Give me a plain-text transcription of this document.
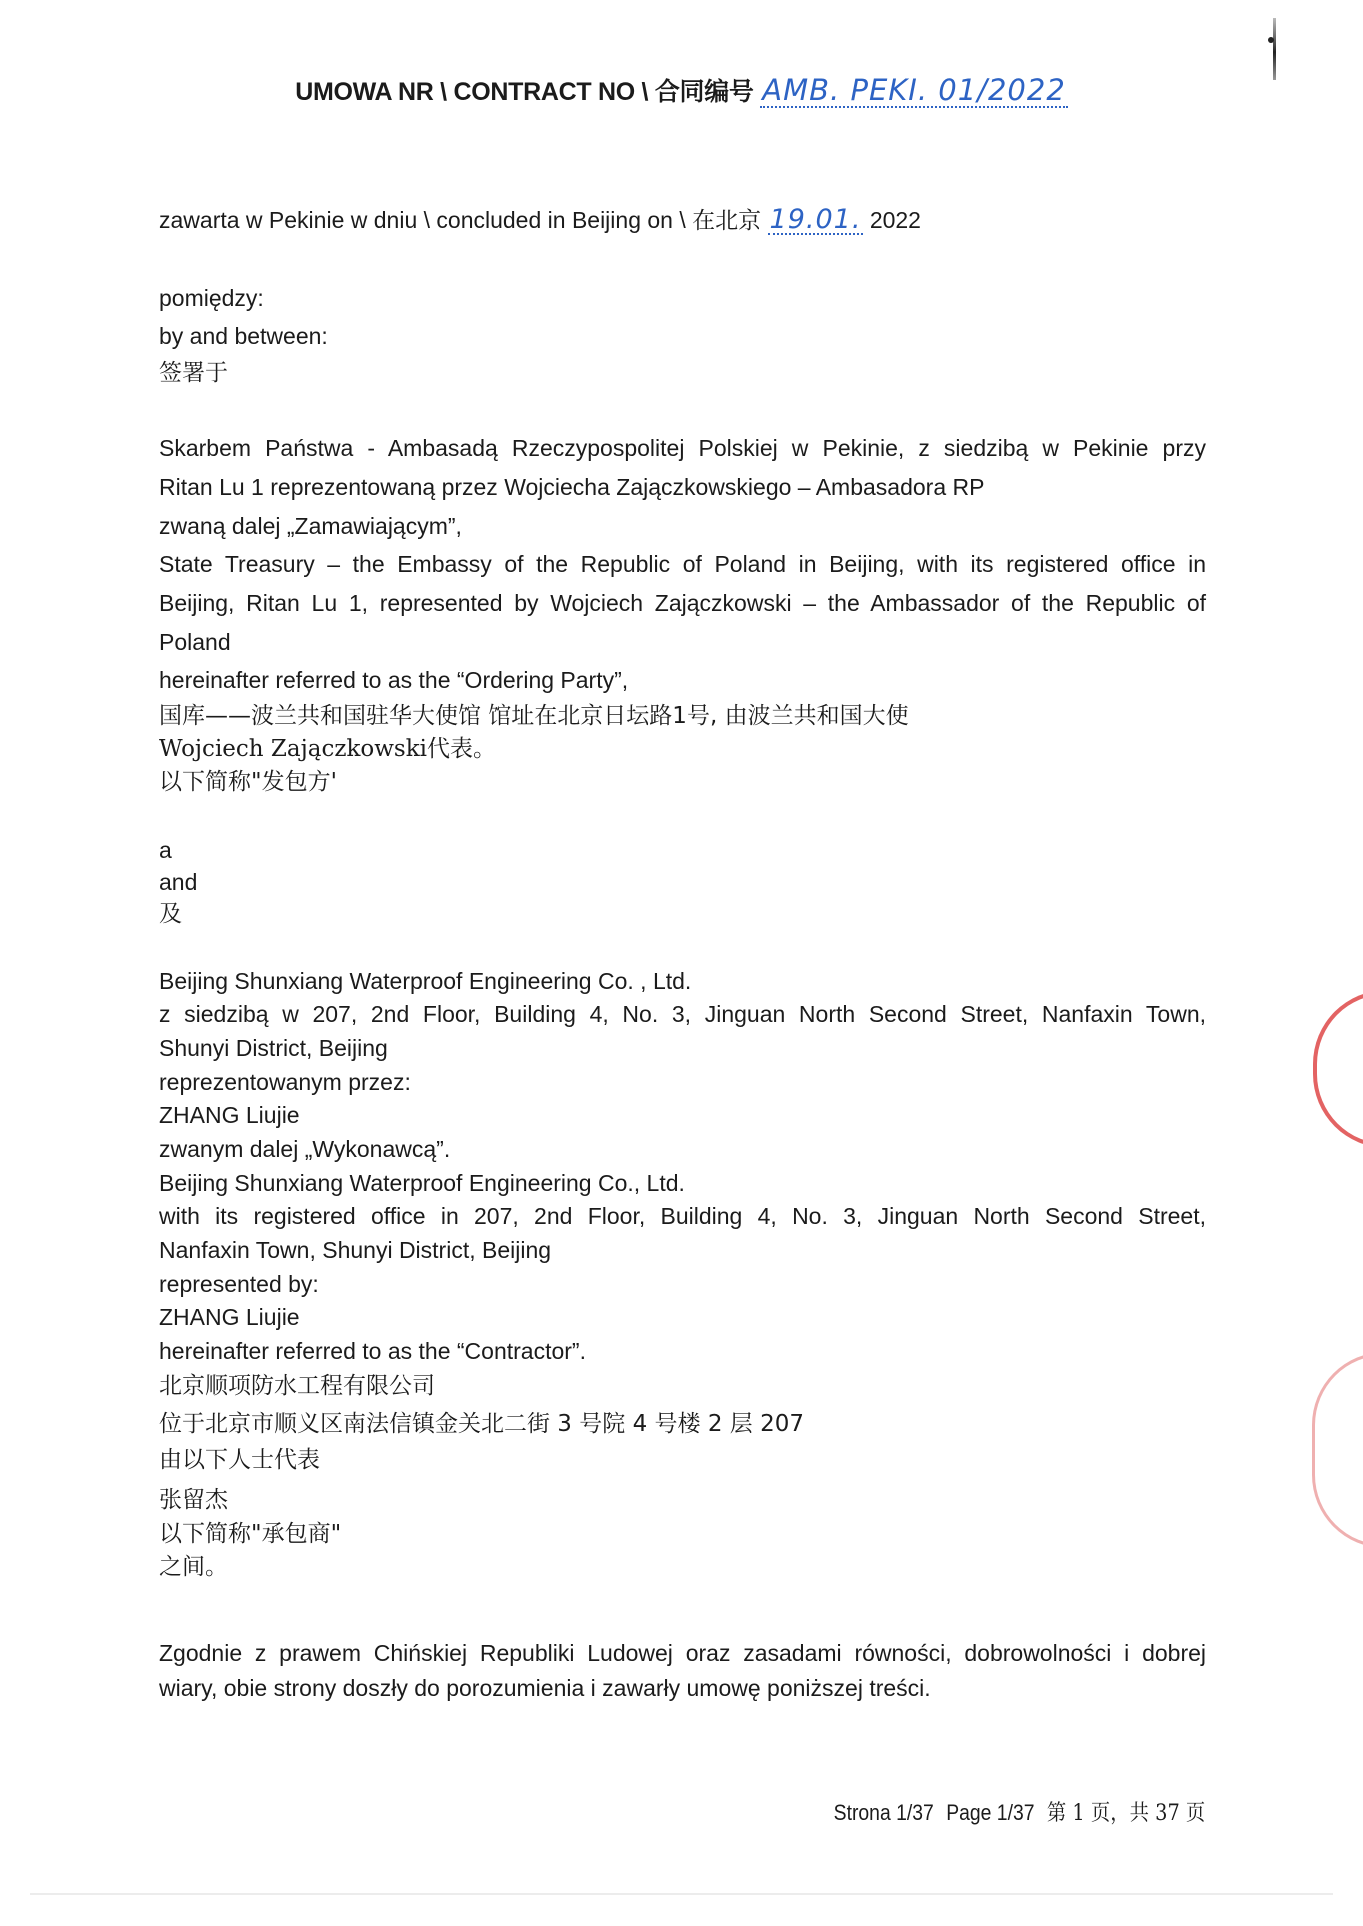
UMOWA NR \ CONTRACT NO \ 合同编号 AMB. PEKI. 01/2022
zawarta w Pekinie w dniu \ concluded in Beijing on \ 在北京 19.01. 2022
pomiędzy:
by and between:
签署于
Skarbem Państwa - Ambasadą Rzeczypospolitej Polskiej w Pekinie, z siedzibą w Pekinie przy
Ritan Lu 1 reprezentowaną przez Wojciecha Zajączkowskiego – Ambasadora RP
zwaną dalej „Zamawiającym”,
State Treasury – the Embassy of the Republic of Poland in Beijing, with its registered office in
Beijing, Ritan Lu 1, represented by Wojciech Zajączkowski – the Ambassador of the Republic of
Poland
hereinafter referred to as the “Ordering Party”,
国库——波兰共和国驻华大使馆 馆址在北京日坛路1号, 由波兰共和国大使
Wojciech Zajączkowski代表。
以下简称"发包方'
a
and
及
Beijing Shunxiang Waterproof Engineering Co. , Ltd.
z siedzibą w 207, 2nd Floor, Building 4, No. 3, Jinguan North Second Street, Nanfaxin Town,
Shunyi District, Beijing
reprezentowanym przez:
ZHANG Liujie
zwanym dalej „Wykonawcą”.
Beijing Shunxiang Waterproof Engineering Co., Ltd.
with its registered office in 207, 2nd Floor, Building 4, No. 3, Jinguan North Second Street,
Nanfaxin Town, Shunyi District, Beijing
represented by:
ZHANG Liujie
hereinafter referred to as the “Contractor”.
北京顺项防水工程有限公司
位于北京市顺义区南法信镇金关北二街 3 号院 4 号楼 2 层 207
由以下人士代表
张留杰
以下简称"承包商"
之间。
Zgodnie z prawem Chińskiej Republiki Ludowej oraz zasadami równości, dobrowolności i dobrej
wiary, obie strony doszły do porozumienia i zawarły umowę poniższej treści.
Strona 1/37 Page 1/37 第 1 页，共 37 页
